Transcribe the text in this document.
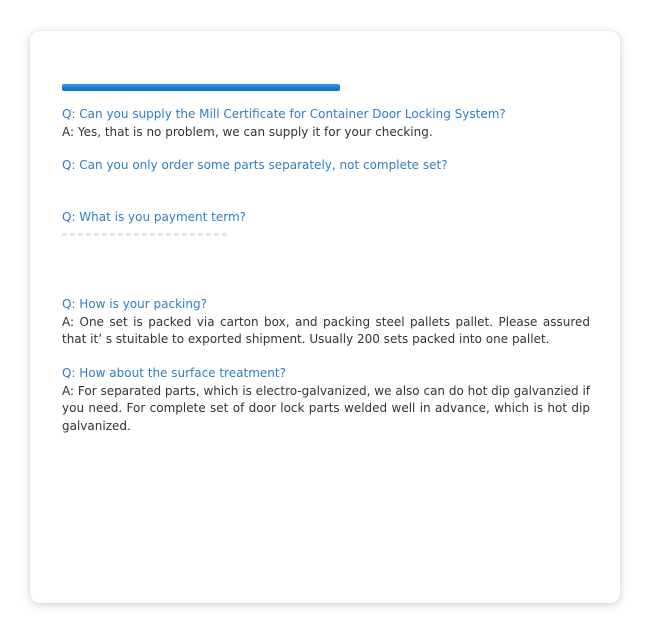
Q: Can you supply the Mill Certificate for Container Door Locking System?

A: Yes, that is no problem, we can supply it for your checking.

Q: Can you only order some parts separately, not complete set?

Q: What is you payment term?

Q: How is your packing?

A: One set is packed via carton box, and packing steel pallets pallet. Please assured that it’ s stuitable to exported shipment. Usually 200 sets packed into one pallet.

Q: How about the surface treatment?

A: For separated parts, which is electro-galvanized, we also can do hot dip galvanzied if you need. For complete set of door lock parts welded well in advance, which is hot dip galvanized.
